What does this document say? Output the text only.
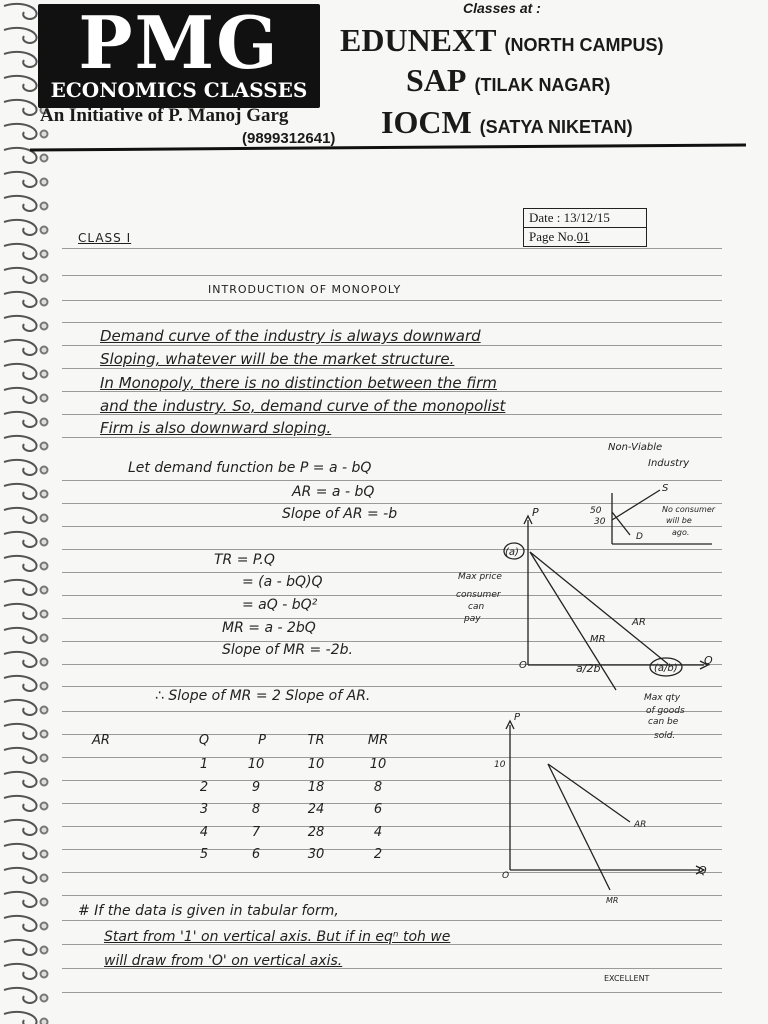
PMG
ECONOMICS CLASSES
An Initiative of P. Manoj Garg
(9899312641)
Classes at :
EDUNEXT (NORTH CAMPUS)
SAP (TILAK NAGAR)
IOCM (SATYA NIKETAN)
Date : 13/12/15
Page No.01
CLASS I
INTRODUCTION OF MONOPOLY
Demand curve of the industry is always downward
Sloping, whatever will be the market structure.
In Monopoly, there is no distinction between the firm
and the industry. So, demand curve of the monopolist
Firm is also downward sloping.
Let demand function be P = a - bQ
AR = a - bQ
Slope of AR = -b
TR = P.Q
= (a - bQ)Q
= aQ - bQ²
MR = a - 2bQ
Slope of MR = -2b.
∴ Slope of MR = 2 Slope of AR.
AR	Q	P	TR	MR
1	10	10	10
2	9	18	8
3	8	24	6
4	7	28	4
5	6	30	2
# If the data is given in tabular form,
Start from '1' on vertical axis. But if in eqⁿ toh we
will draw from 'O' on vertical axis.
EXCELLENT
Non-Viable
Industry
S
D
50
30
No consumer
will be
ago.
P
Q
O
(a)
MR
AR
a/2b	(a/b)
Max price
consumer
can
pay
Max qty
of goods
can be
sold.
P
Q
O
10
AR
MR
